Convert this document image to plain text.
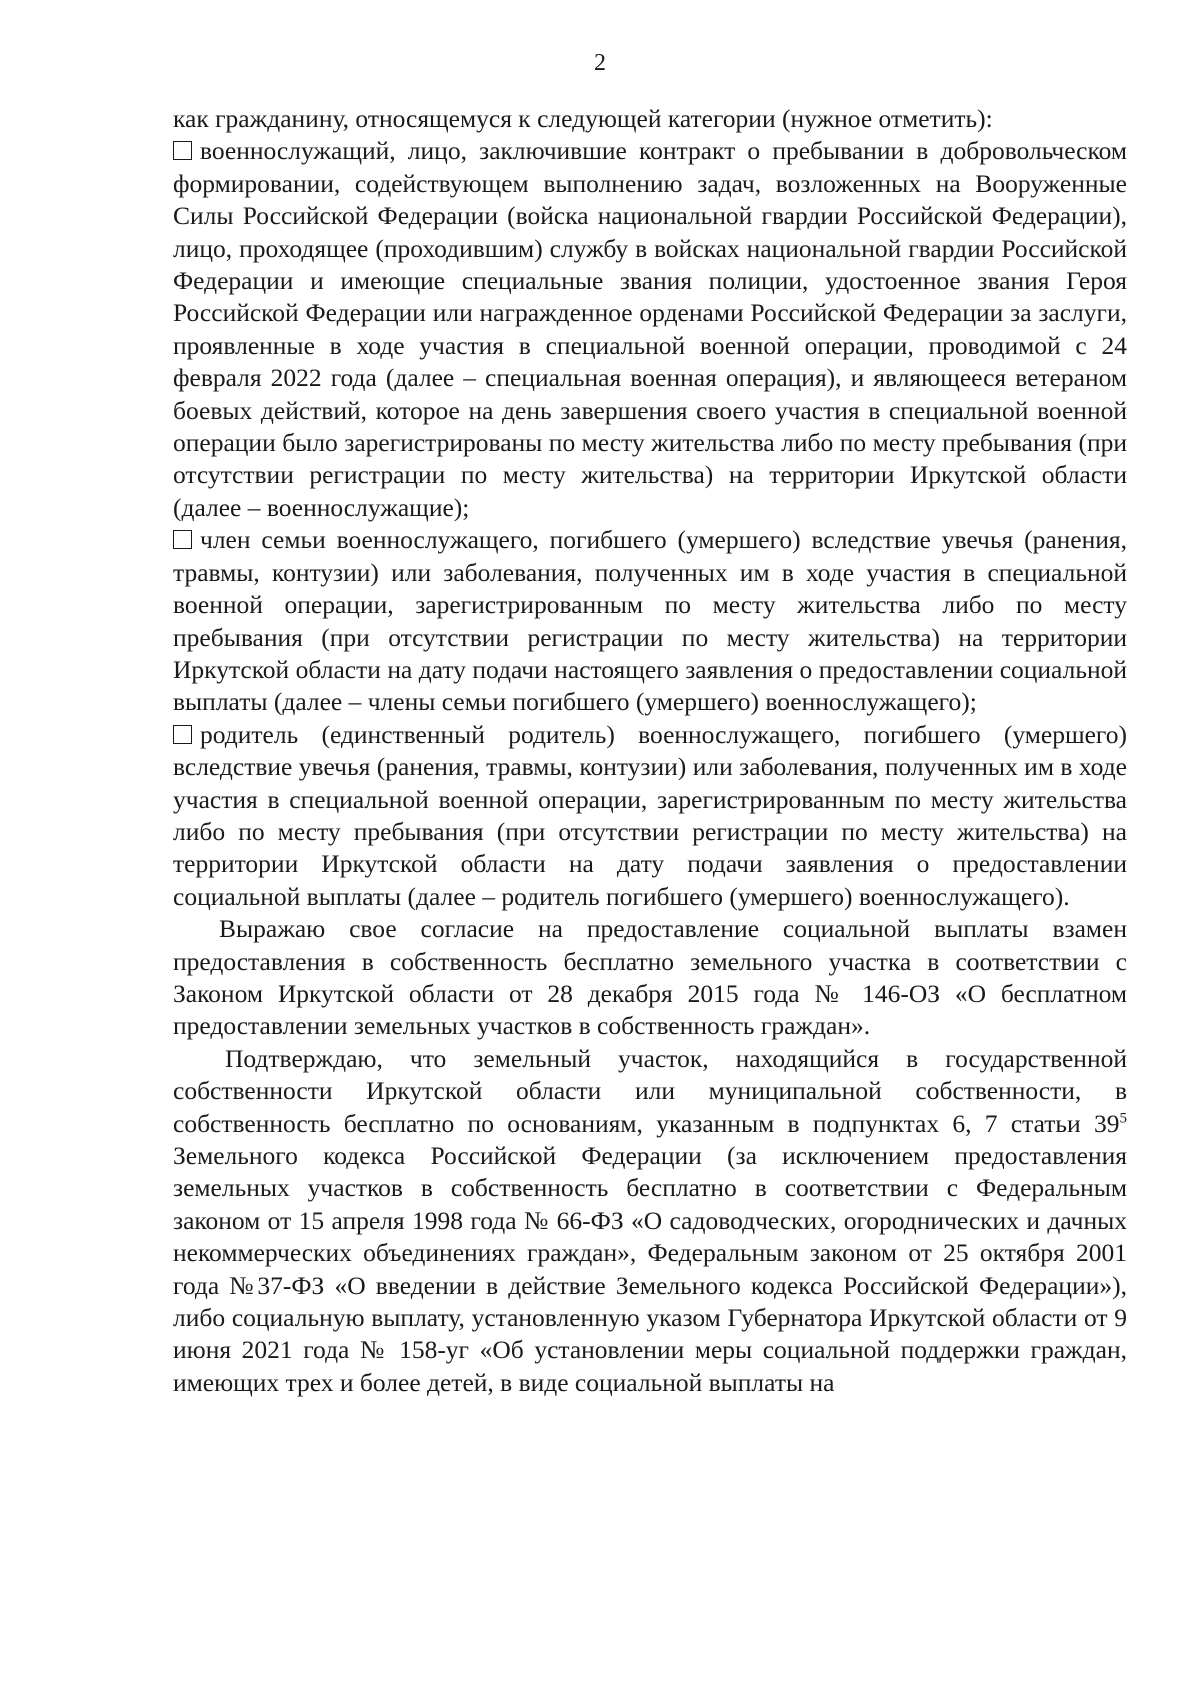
2

как гражданину, относящемуся к следующей категории (нужное отметить):

военнослужащий, лицо, заключившие контракт о пребывании в добровольческом формировании, содействующем выполнению задач, возложенных на Вооруженные Силы Российской Федерации (войска национальной гвардии Российской Федерации), лицо, проходящее (проходившим) службу в войсках национальной гвардии Российской Федерации и имеющие специальные звания полиции, удостоенное звания Героя Российской Федерации или награжденное орденами Российской Федерации за заслуги, проявленные в ходе участия в специальной военной операции, проводимой с 24 февраля 2022 года (далее – специальная военная операция), и являющееся ветераном боевых действий, которое на день завершения своего участия в специальной военной операции было зарегистрированы по месту жительства либо по месту пребывания (при отсутствии регистрации по месту жительства) на территории Иркутской области (далее – военнослужащие);

член семьи военнослужащего, погибшего (умершего) вследствие увечья (ранения, травмы, контузии) или заболевания, полученных им в ходе участия в специальной военной операции, зарегистрированным по месту жительства либо по месту пребывания (при отсутствии регистрации по месту жительства) на территории Иркутской области на дату подачи настоящего заявления о предоставлении социальной выплаты (далее – члены семьи погибшего (умершего) военнослужащего);

родитель (единственный родитель) военнослужащего, погибшего (умершего) вследствие увечья (ранения, травмы, контузии) или заболевания, полученных им в ходе участия в специальной военной операции, зарегистрированным по месту жительства либо по месту пребывания (при отсутствии регистрации по месту жительства) на территории Иркутской области на дату подачи заявления о предоставлении социальной выплаты (далее – родитель погибшего (умершего) военнослужащего).

Выражаю свое согласие на предоставление социальной выплаты взамен предоставления в собственность бесплатно земельного участка в соответствии с Законом Иркутской области от 28 декабря 2015 года № 146-ОЗ «О бесплатном предоставлении земельных участков в собственность граждан».

Подтверждаю, что земельный участок, находящийся в государственной собственности Иркутской области или муниципальной собственности, в собственность бесплатно по основаниям, указанным в подпунктах 6, 7 статьи $39^5$ Земельного кодекса Российской Федерации (за исключением предоставления земельных участков в собственность бесплатно в соответствии с Федеральным законом от 15 апреля 1998 года № 66-ФЗ «О садоводческих, огороднических и дачных некоммерческих объединениях граждан», Федеральным законом от 25 октября 2001 года №37-ФЗ «О введении в действие Земельного кодекса Российской Федерации»), либо социальную выплату, установленную указом Губернатора Иркутской области от 9 июня 2021 года № 158-уг «Об установлении меры социальной поддержки граждан, имеющих трех и более детей, в виде социальной выплаты на
